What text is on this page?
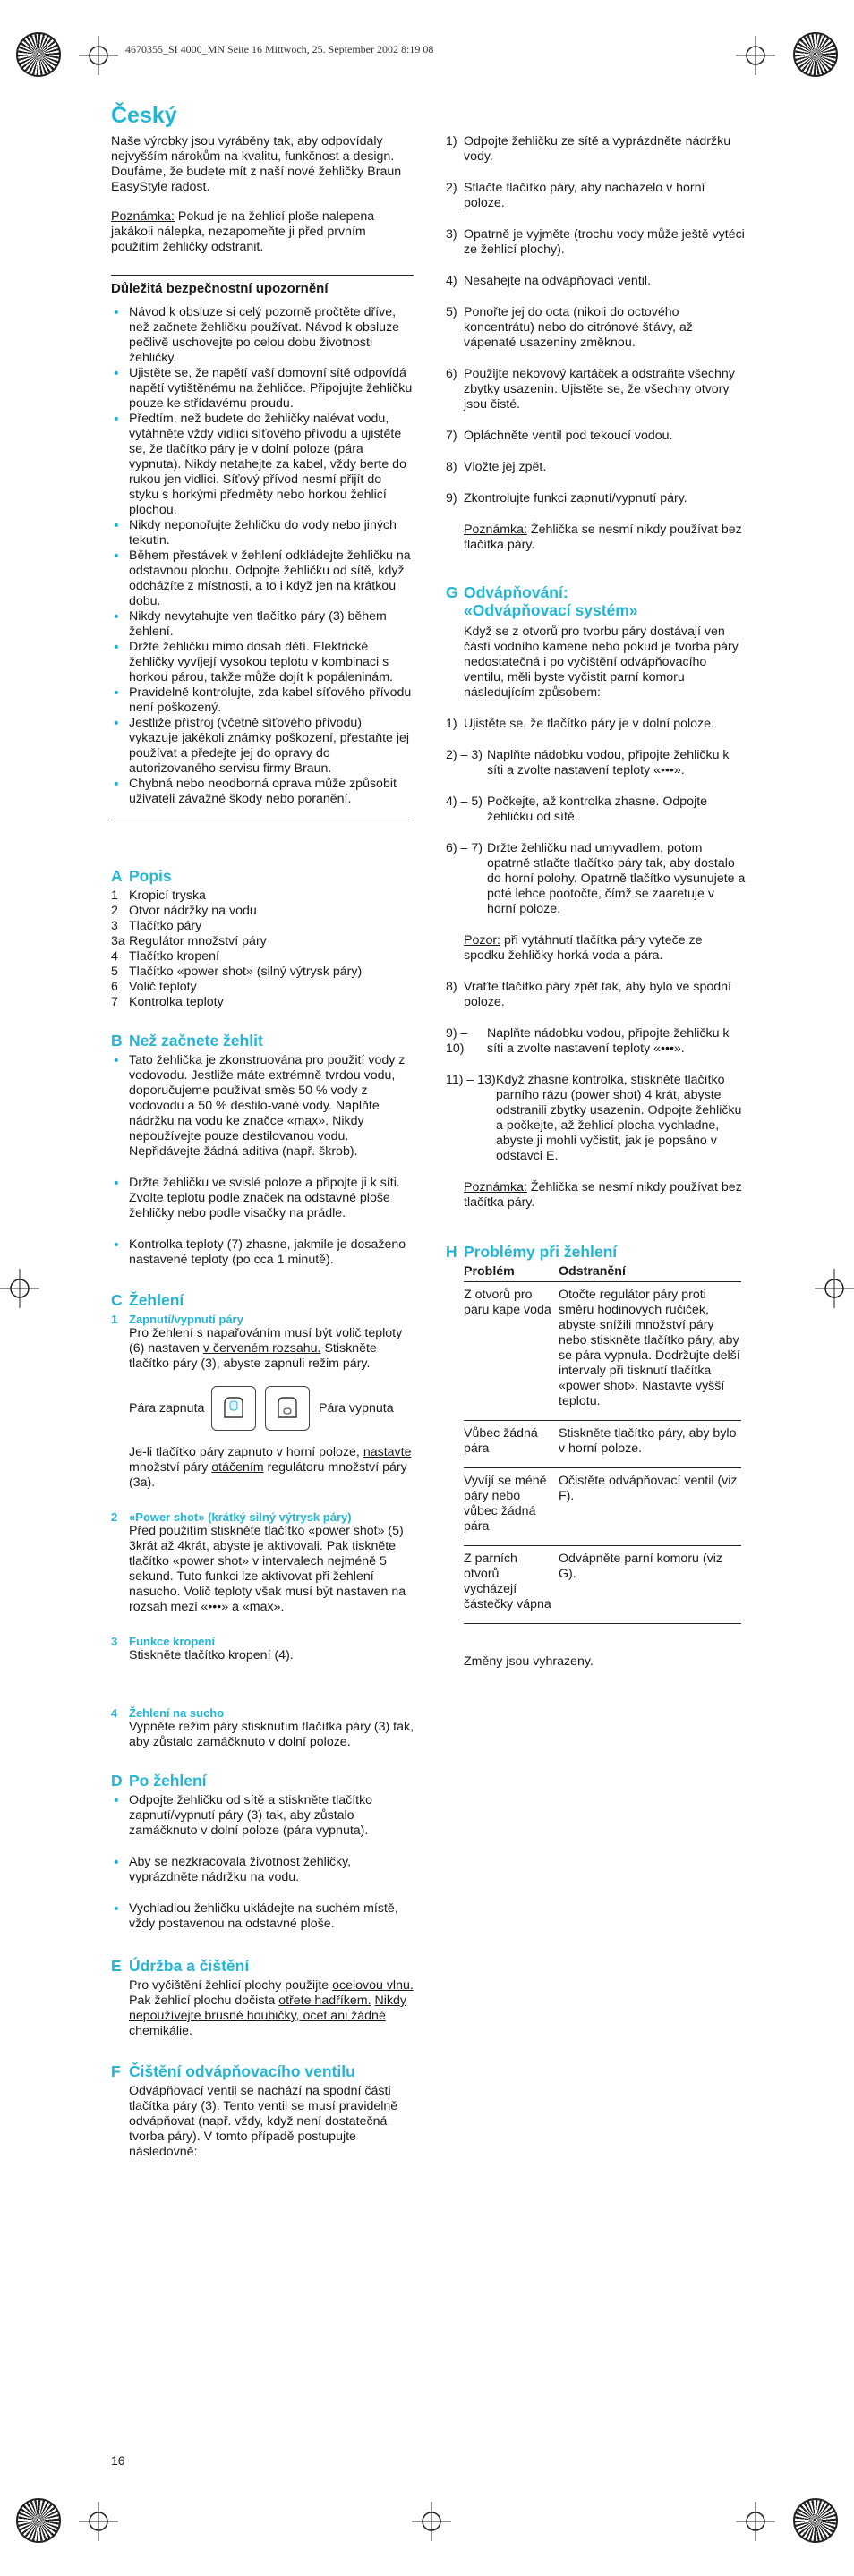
4670355_SI 4000_MN Seite 16 Mittwoch, 25. September 2002 8:19 08
Český

Naše výrobky jsou vyráběny tak, aby odpovídaly nejvyšším nárokům na kvalitu, funkčnost a design. Doufáme, že budete mít z naší nové žehličky Braun EasyStyle radost.

Poznámka: Pokud je na žehlicí ploše nalepena jakákoli nálepka, nezapomeňte ji před prvním použitím žehličky odstranit.

Důležitá bezpečnostní upozornění
• Návod k obsluze si celý pozorně pročtěte dříve, než začnete žehličku používat. Návod k obsluze pečlivě uschovejte po celou dobu životnosti žehličky.
• Ujistěte se, že napětí vaší domovní sítě odpovídá napětí vytištěnému na žehličce. Připojujte žehličku pouze ke střídavému proudu.
• Předtím, než budete do žehličky nalévat vodu, vytáhněte vždy vidlici síťového přívodu a ujistěte se, že tlačítko páry je v dolní poloze (pára vypnuta). Nikdy netahejte za kabel, vždy berte do rukou jen vidlici. Síťový přívod nesmí přijít do styku s horkými předměty nebo horkou žehlicí plochou.
• Nikdy neponořujte žehličku do vody nebo jiných tekutin.
• Během přestávek v žehlení odkládejte žehličku na odstavnou plochu. Odpojte žehličku od sítě, když odcházíte z místnosti, a to i když jen na krátkou dobu.
• Nikdy nevytahujte ven tlačítko páry (3) během žehlení.
• Držte žehličku mimo dosah dětí. Elektrické žehličky vyvíjejí vysokou teplotu v kombinaci s horkou párou, takže může dojít k popáleninám.
• Pravidelně kontrolujte, zda kabel síťového přívodu není poškozený.
• Jestliže přístroj (včetně síťového přívodu) vykazuje jakékoli známky poškození, přestaňte jej používat a předejte jej do opravy do autorizovaného servisu firmy Braun.
• Chybná nebo neodborná oprava může způsobit uživateli závažné škody nebo poranění.
A Popis
1 Kropicí tryska
2 Otvor nádržky na vodu
3 Tlačítko páry
3a Regulátor množství páry
4 Tlačítko kropení
5 Tlačítko «power shot» (silný výtrysk páry)
6 Volič teploty
7 Kontrolka teploty
B Než začnete žehlit
• Tato žehlička je zkonstruována pro použití vody z vodovodu. Jestliže máte extrémně tvrdou vodu, doporučujeme používat směs 50 % vody z vodovodu a 50 % destilo-vané vody. Naplňte nádržku na vodu ke značce «max». Nikdy nepoužívejte pouze destilovanou vodu. Nepřidávejte žádná aditiva (např. škrob).
• Držte žehličku ve svislé poloze a připojte ji k síti. Zvolte teplotu podle značek na odstavné ploše žehličky nebo podle visačky na prádle.
• Kontrolka teploty (7) zhasne, jakmile je dosaženo nastavené teploty (po cca 1 minutě).
C Žehlení
1 Zapnutí/vypnutí páry

Pro žehlení s napařováním musí být volič teploty (6) nastaven v červeném rozsahu. Stiskněte tlačítko páry (3), abyste zapnuli režim páry.

Pára zapnuta	Pára vypnuta

Je-li tlačítko páry zapnuto v horní poloze, nastavte množství páry otáčením regulátoru množství páry (3a).

2 «Power shot» (krátký silný výtrysk páry)

Před použitím stiskněte tlačítko «power shot» (5) 3krát až 4krát, abyste je aktivovali. Pak tiskněte tlačítko «power shot» v intervalech nejméně 5 sekund. Tuto funkci lze aktivovat při žehlení nasucho. Volič teploty však musí být nastaven na rozsah mezi «•••» a «max».

3 Funkce kropení

Stiskněte tlačítko kropení (4).

4 Žehlení na sucho

Vypněte režim páry stisknutím tlačítka páry (3) tak, aby zůstalo zamáčknuto v dolní poloze.

D Po žehlení
• Odpojte žehličku od sítě a stiskněte tlačítko zapnutí/vypnutí páry (3) tak, aby zůstalo zamáčknuto v dolní poloze (pára vypnuta).
• Aby se nezkracovala životnost žehličky, vyprázdněte nádržku na vodu.
• Vychladlou žehličku ukládejte na suchém místě, vždy postavenou na odstavné ploše.
E Údržba a čištění

Pro vyčištění žehlicí plochy použijte ocelovou vlnu. Pak žehlicí plochu dočista otřete hadříkem. Nikdy nepoužívejte brusné houbičky, ocet ani žádné chemikálie.

F Čištění odvápňovacího ventilu

Odvápňovací ventil se nachází na spodní části tlačítka páry (3). Tento ventil se musí pravidelně odvápňovat (např. vždy, když není dostatečná tvorba páry). V tomto případě postupujte následovně:

1) Odpojte žehličku ze sítě a vyprázdněte nádržku vody.
2) Stlačte tlačítko páry, aby nacházelo v horní poloze.
3) Opatrně je vyjměte (trochu vody může ještě vytéci ze žehlicí plochy).
4) Nesahejte na odvápňovací ventil.
5) Ponořte jej do octa (nikoli do octového koncentrátu) nebo do citrónové šťávy, až vápenaté usazeniny změknou.
6) Použijte nekovový kartáček a odstraňte všechny zbytky usazenin. Ujistěte se, že všechny otvory jsou čisté.
7) Opláchněte ventil pod tekoucí vodou.
8) Vložte jej zpět.
9) Zkontrolujte funkci zapnutí/vypnutí páry.

Poznámka: Žehlička se nesmí nikdy používat bez tlačítka páry.

G Odvápňování:
«Odvápňovací systém»

Když se z otvorů pro tvorbu páry dostávají ven částí vodního kamene nebo pokud je tvorba páry nedostatečná i po vyčištění odvápňovacího ventilu, měli byste vyčistit parní komoru následujícím způsobem:

1) Ujistěte se, že tlačítko páry je v dolní poloze.
2) – 3) Naplňte nádobku vodou, připojte žehličku k síti a zvolte nastavení teploty «•••».
4) – 5) Počkejte, až kontrolka zhasne. Odpojte žehličku od sítě.
6) – 7) Držte žehličku nad umyvadlem, potom opatrně stlačte tlačítko páry tak, aby dostalo do horní polohy. Opatrně tlačítko vysunujete a poté lehce pootočte, čímž se zaaretuje v horní poloze.

Pozor: při vytáhnutí tlačítka páry vyteče ze spodku žehličky horká voda a pára.

8) Vraťte tlačítko páry zpět tak, aby bylo ve spodní poloze.
9) – 10)
Naplňte nádobku vodou, připojte žehličku k síti a zvolte nastavení teploty «•••».
11) – 13) Když zhasne kontrolka, stiskněte tlačítko parního rázu (power shot) 4 krát, abyste odstranili zbytky usazenin. Odpojte žehličku a počkejte, až žehlicí plocha vychladne, abyste ji mohli vyčistit, jak je popsáno v odstavci E.

Poznámka: Žehlička se nesmí nikdy používat bez tlačítka páry.

H Problémy při žehlení
Problém	Odstranění
Z otvorů pro páru kape voda	Otočte regulátor páry proti směru hodinových ručiček, abyste snížili množství páry nebo stiskněte tlačítko páry, aby se pára vypnula. Dodržujte delší intervaly při tisknutí tlačítka «power shot». Nastavte vyšší teplotu.
Vůbec žádná pára	Stiskněte tlačítko páry, aby bylo v horní poloze.
Vyvíjí se méně páry nebo vůbec žádná pára	Očistěte odvápňovací ventil (viz F).
Z parních otvorů vycházejí částečky vápna	Odvápněte parní komoru (viz G).

Změny jsou vyhrazeny.

16
